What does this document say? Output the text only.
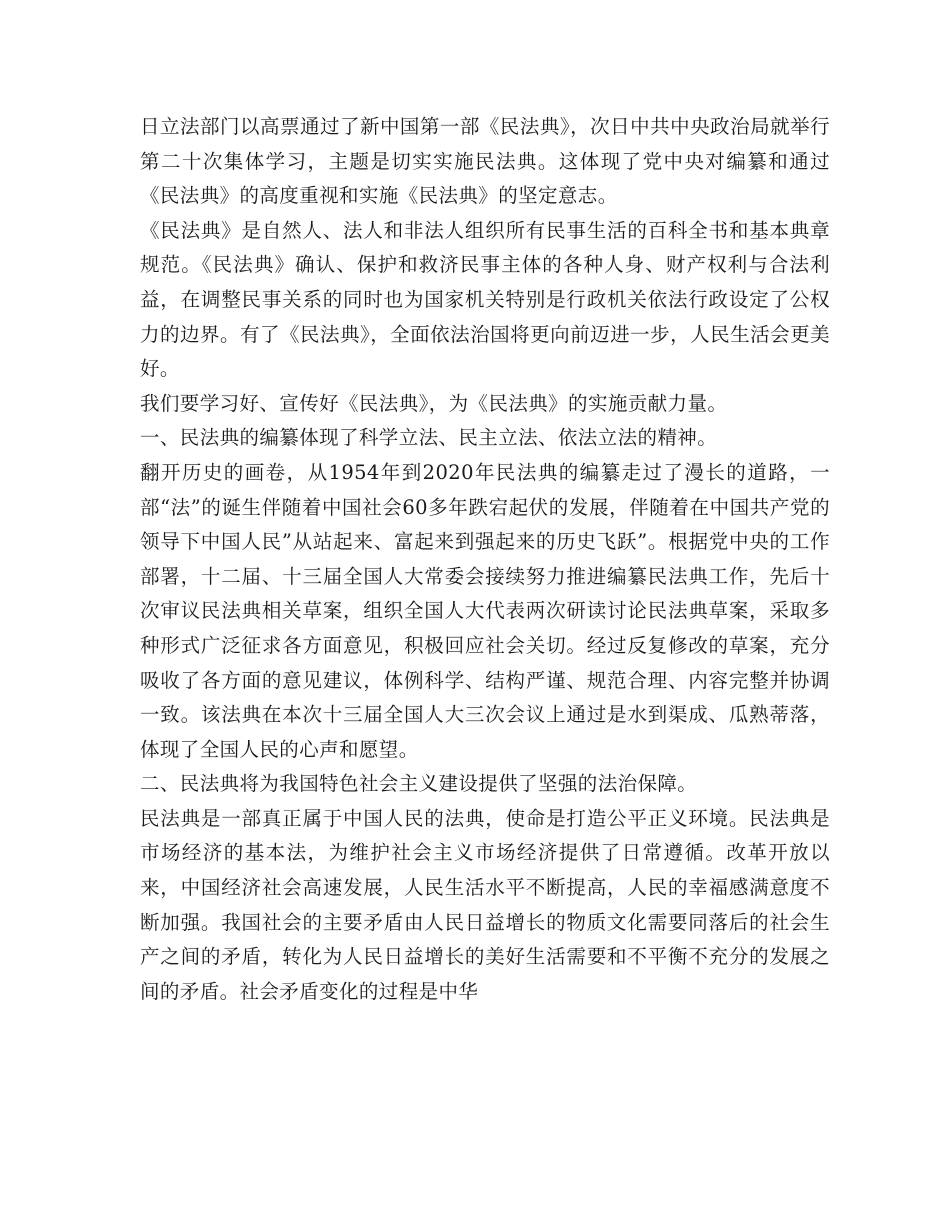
日立法部门以高票通过了新中国第一部《民法典》，次日中共中央政治局就举行第二十次集体学习，主题是切实实施民法典。这体现了党中央对编纂和通过《民法典》的高度重视和实施《民法典》的坚定意志。

《民法典》是自然人、法人和非法人组织所有民事生活的百科全书和基本典章规范。《民法典》确认、保护和救济民事主体的各种人身、财产权利与合法利益，在调整民事关系的同时也为国家机关特别是行政机关依法行政设定了公权力的边界。有了《民法典》，全面依法治国将更向前迈进一步，人民生活会更美好。

我们要学习好、宣传好《民法典》，为《民法典》的实施贡献力量。

一、民法典的编纂体现了科学立法、民主立法、依法立法的精神。

翻开历史的画卷，从1954年到2020年民法典的编纂走过了漫长的道路，一部“法”的诞生伴随着中国社会60多年跌宕起伏的发展，伴随着在中国共产党的领导下中国人民”从站起来、富起来到强起来的历史飞跃”。根据党中央的工作部署，十二届、十三届全国人大常委会接续努力推进编纂民法典工作，先后十次审议民法典相关草案，组织全国人大代表两次研读讨论民法典草案，采取多种形式广泛征求各方面意见，积极回应社会关切。经过反复修改的草案，充分吸收了各方面的意见建议，体例科学、结构严谨、规范合理、内容完整并协调一致。该法典在本次十三届全国人大三次会议上通过是水到渠成、瓜熟蒂落，体现了全国人民的心声和愿望。

二、民法典将为我国特色社会主义建设提供了坚强的法治保障。

民法典是一部真正属于中国人民的法典，使命是打造公平正义环境。民法典是市场经济的基本法，为维护社会主义市场经济提供了日常遵循。改革开放以来，中国经济社会高速发展，人民生活水平不断提高，人民的幸福感满意度不断加强。我国社会的主要矛盾由人民日益增长的物质文化需要同落后的社会生产之间的矛盾，转化为人民日益增长的美好生活需要和不平衡不充分的发展之间的矛盾。社会矛盾变化的过程是中华
